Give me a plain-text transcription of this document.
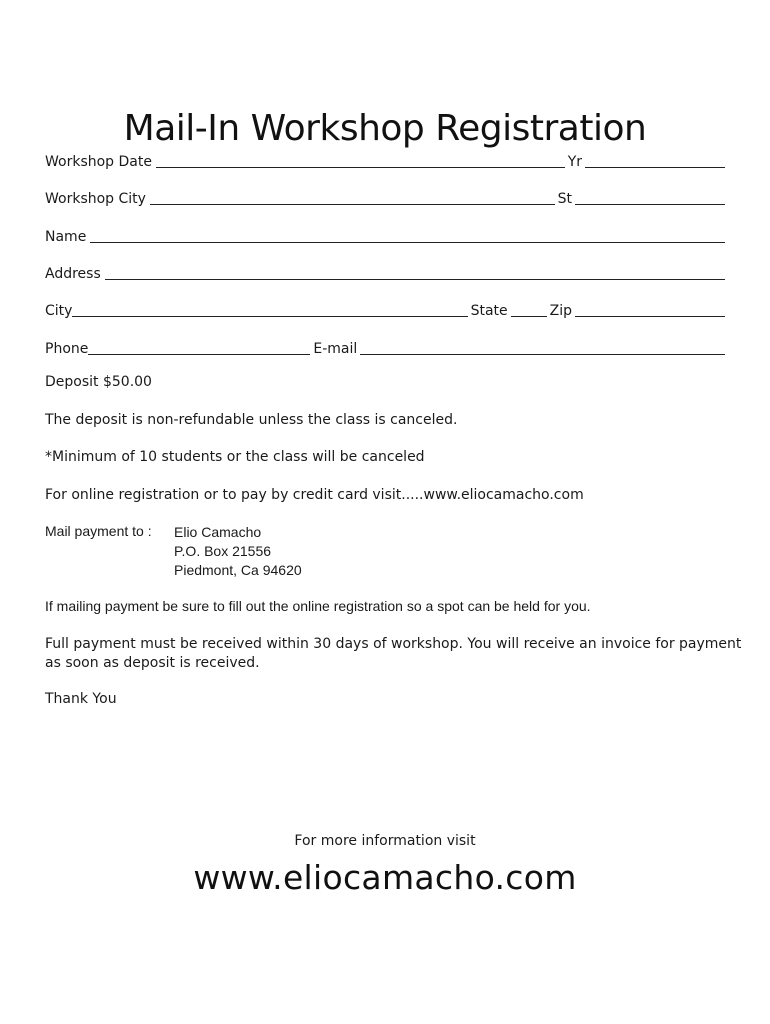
Mail-In Workshop Registration
Workshop Date	Yr
Workshop City	St
Name
Address
City	State	Zip
Phone	E-mail
Deposit $50.00
The deposit is non-refundable unless the class is canceled.
*Minimum of 10 students or the class will be canceled
For online registration or to pay by credit card visit.....www.eliocamacho.com
Mail payment to : Elio Camacho
P.O. Box 21556
Piedmont, Ca 94620
If mailing payment be sure to fill out the online registration so a spot can be held for you.
Full payment must be received within 30 days of workshop. You will receive an invoice for payment
as soon as deposit is received.
Thank You
For more information visit
www.eliocamacho.com
